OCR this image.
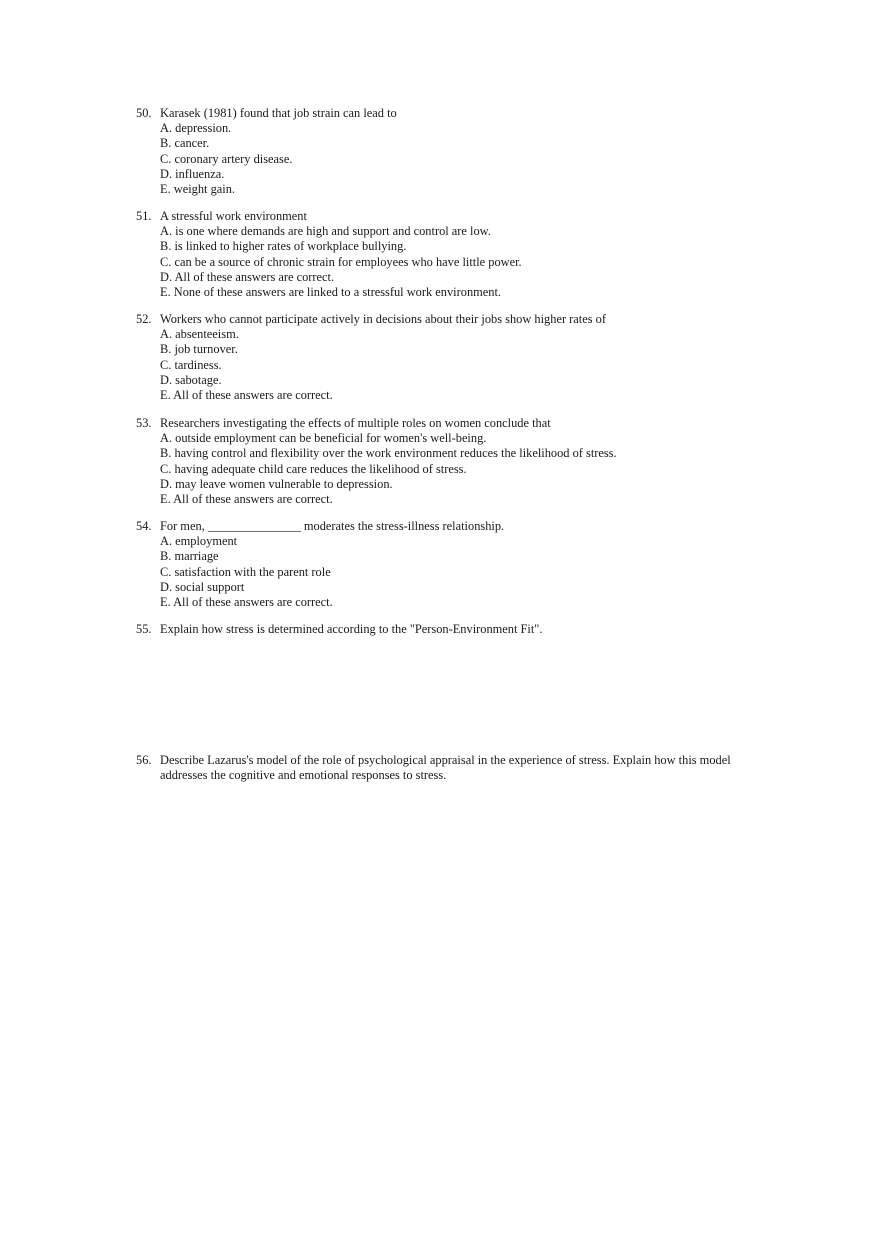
50. Karasek (1981) found that job strain can lead to
A. depression.
B. cancer.
C. coronary artery disease.
D. influenza.
E. weight gain.
51. A stressful work environment
A. is one where demands are high and support and control are low.
B. is linked to higher rates of workplace bullying.
C. can be a source of chronic strain for employees who have little power.
D. All of these answers are correct.
E. None of these answers are linked to a stressful work environment.
52. Workers who cannot participate actively in decisions about their jobs show higher rates of
A. absenteeism.
B. job turnover.
C. tardiness.
D. sabotage.
E. All of these answers are correct.
53. Researchers investigating the effects of multiple roles on women conclude that
A. outside employment can be beneficial for women's well-being.
B. having control and flexibility over the work environment reduces the likelihood of stress.
C. having adequate child care reduces the likelihood of stress.
D. may leave women vulnerable to depression.
E. All of these answers are correct.
54. For men, _______________ moderates the stress-illness relationship.
A. employment
B. marriage
C. satisfaction with the parent role
D. social support
E. All of these answers are correct.
55. Explain how stress is determined according to the "Person-Environment Fit".
56. Describe Lazarus's model of the role of psychological appraisal in the experience of stress. Explain how this model addresses the cognitive and emotional responses to stress.
